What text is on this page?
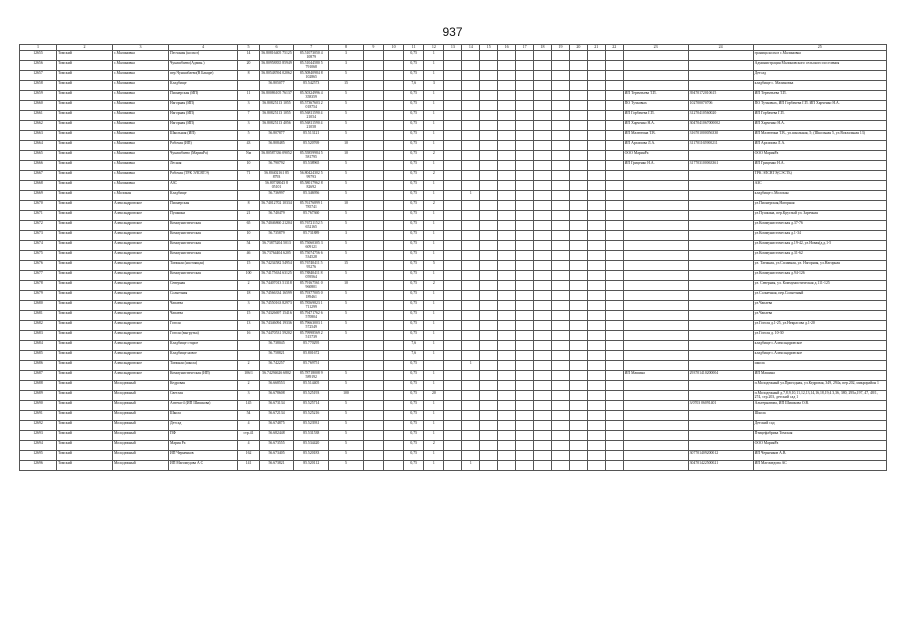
937
1	2	3	4	5	6	7	8	9	10	11	12	13	14	15	16	17	18	19	20	21	22	23	24	25
12655	Томский	с.Малиновка	Песчаная (колхоз)	14	56.80816405 75125	85.51073050 4 10879	3			0,75	1													граница колхоз с.Малиновка
12656	Томский	с.Малиновка	Чунашбаево(Админ.)	20	56.80958835 85949	85.51044580 5 791068	3			0,75	1													Администрация Малиновского сельского поселения
12657	Томский	с.Малиновка	пер.Чунашбаево(В Бакаре)	8	56.80548594 02062	85.50840984 8 102865	5			0,75	1													Детсад
12658	Томский	с.Малиновка	Кладбище		56.805077	85.542573	15			7,6	3													кладбище с. Малиновка
12659	Томский	с.Малиновка	Пионерская (ИП)	11	56.80086105 76137	85.50324996 4 358359	5			0,75	1											ИП Терентьева Т.П.	39470172010615	ИП Терентьева Т.П.
12660	Томский	с.Малиновка	Нагорная (ИП)	3	56.80825113 1055	85.57367603 2 018754	5			0,75	1											ПО Тучковых	102700070706	ПО Тучковых, ИП Горбачева Г.П. ИП Харченко Н.А.
12661	Томский	с.Малиновка	Нагорная (ИП)	7	56.80825113 1055	85.56811590 4 21054	5			0,75	1											ИП Горбачева Г.П.	31270410560020	ИП Горбачева Г.П.
12662	Томский	с.Малиновка	Нагорная (ИП)	3	56.80825113 4056	85.56811590 4 21058	5			0,75	1											ИП Харченко Н.А.	3047041067000002	ИП Харченко Н.А.
12663	Томский	с.Малиновка	Школьная (ИП)	5	56.807877	85.513121	5			0,75	1											ИП Малютина Т.В.	316701000056330	ИП Малютина Т.В., ул.школьная, 5; (Школьная 5, ул.Вокзальная 13)
12664	Томский	с.Малиновка	Рабочая (ИП)	43	56.808485	85.520769	10			0,75	1											ИП Архипова Л.А.	311701165900211	ИП Архипова Л.А.
12665	Томский	с.Малиновка	Чунашбаево (МарияРа)	Nм	56.80587336 09052	85.55859984 5 581795	10			0,75	2											ООО МарияРа		ООО МарияРа
12666	Томский	с.Малиновка	Лесная	10	56.790792	85.538965	5			0,75	1											ИП Гриценко Н.А.	317703100063361	ИП Гриценко Н.А.
12667	Томский	с.Малиновка	Рабочая (ТРК ЭЛСВТЭ)	71	56.80402161 85 8793	56.80424302 5 99793	5			0,75	2													ТРК ЭЛСВТЭ(СЭСТЬ)
12668	Томский	с.Малиновка	АЗС		56.80738043 8 05101	85.58017962 8 82692	5			0,75	1													АЗС
12669	Томский	с.Молокан	Кладбище		56.736997	85.346956	5			0,75	1		1											кладбище с.Молокан
12670	Томский	Александровское	Пионерская	8	56.74012702 10334	85.76176899 1 785741	10			0,75	2													ул.Пионерская,Нагорная
12671	Томский	Александровское	Пушкина	21	56.740479	85.767360	5			0,75	1													ул.Пушкина, пер.Круглый ул. Заречная
12672	Томский	Александровское	Коммунистическая	65	56.74046860 21204	85.76721152 5 652165	5			0,75	1													ул.Коммунистическая д.37-76
12673	Томский	Александровское	Коммунистическая	10	56.735879	85.731889	3			0,75	1													ул.Коммунистическая д.1-34
12674	Томский	Александровское	Коммунистическая	54	56.73875204 5013	85.75060305 3 609121	5			0,75	1													ул.Коммунистическая д.19-42, ул.Новая(д.д.1-5
12675	Томский	Александровское	Коммунистическая	46	56.73764404 6205	85.75074756 6 534528	5			0,75	1													ул.Коммунистическая д.31-62
12676	Томский	Александровское	Таежная (настоящая)	15	56.74234582 54954	85.76740411 5 95276	15			0,75	5													ул. Таежная, ул.Сплавная, ул. Нагорная, ул.Нагорная
12677	Томский	Александровское	Коммунистическая	100	56.74175634 63125	85.78840411 8 059564	5			0,75	1													ул.Коммунистическая д.94-126
12678	Томский	Александровское	Северная	2	56.74407013 51318	85.79167561 0 960801	10			0,75	2													ул. Северная, ул. Коммунистическая д.111-125
12679	Томский	Александровское	Солнечная	18	56.74566334 16599	85.79377005 0 189461	5			0,75	1													ул.Солнечная, пер.Солнечный
12680	Томский	Александровское	Чапаева	3	56.74550163 82973	85.78569823 1 711299	5			0,75	1													ул.Чапаева
12681	Томский	Александровское	Чапаева	15	56.74326697 15416	85.79471762 6 570804	5			0,75	1													ул.Чапаева
12682	Томский	Александровское	Гоголя	13	56.74346094 19336	85.79663003 1 572549	5			0,75	1													ул.Гоголя д.1-25, ул.Некрасова д.1-20
12683	Томский	Александровское	Гоголя (выгрузка)	16	56.74470531 59202	85.79998569 2 515739	5			0,75	1													ул.Гоголя д. 10-30
12684	Томский	Александровское	Кладбище старое		56.738045	85.770295				7,6	1													кладбище с.Александровское
12685	Томский	Александровское	Кладбище новое		56.758821	85.801672				7,6	1													кладбище с.Александровское
12686	Томский	Александровское	Таежная (школа)	2	56.742257	85.769751				0,75			1											школа
12687	Томский	Александровское	Коммунистическая (ИП)	106/1	56.74294626 6802	85.78718008 9 589192	5			0,75	1											ИП Машина	293701410200004	ИП Машина
12688	Томский	Молодежный	Кедровая	2	56.668553	85.514405	5			0,75	1													п.Молодежный ул.Пригодная, ул.Кедровая, 349, 294а, пер.202, микрорайон 1
12689	Томский	Молодежный	Светлая	3	56.678608	85.525193	100			0,75	20													п.Молодежный д.7,8,9,10,11,12,13,14,16,18,19,4 3,36, 380, 295а,197, 47, 48/1, 274, стр.203, детский сад 1
12690	Томский	Молодежный	Аптека-4 (ИП Шишкова)	145	56.673134	85.525714	5			0,75	1												3/0703 06091401	Альтернатива, ИП Шишкова О.В.
12691	Томский	Молодежный	Школа	54	56.672134	85.525216	5			0,75	1													Школа
12692	Томский	Молодежный	Детсад	4	56.674875	85.523931	5			0,75	1													Детский сад
12693	Томский	Молодежный	ПФ	стр.41	56.682448	85.531538	5			0,75	1													Птицефабрика Томская
12694	Томский	Молодежный	Мария Ра	4	56.673555	85.534420	5			0,75	2													ООО МарияРа
12695	Томский	Молодежный	ИП Черненков	162	56.673405	85.520183	5			0,75	1												307701409200012	ИП Черненков А.В.
12696	Томский	Молодежный	ИП Магомедова А С	141	56.673821	85.520112	5			0,75	1		1										304701422500021	ИП Магомедова АС
